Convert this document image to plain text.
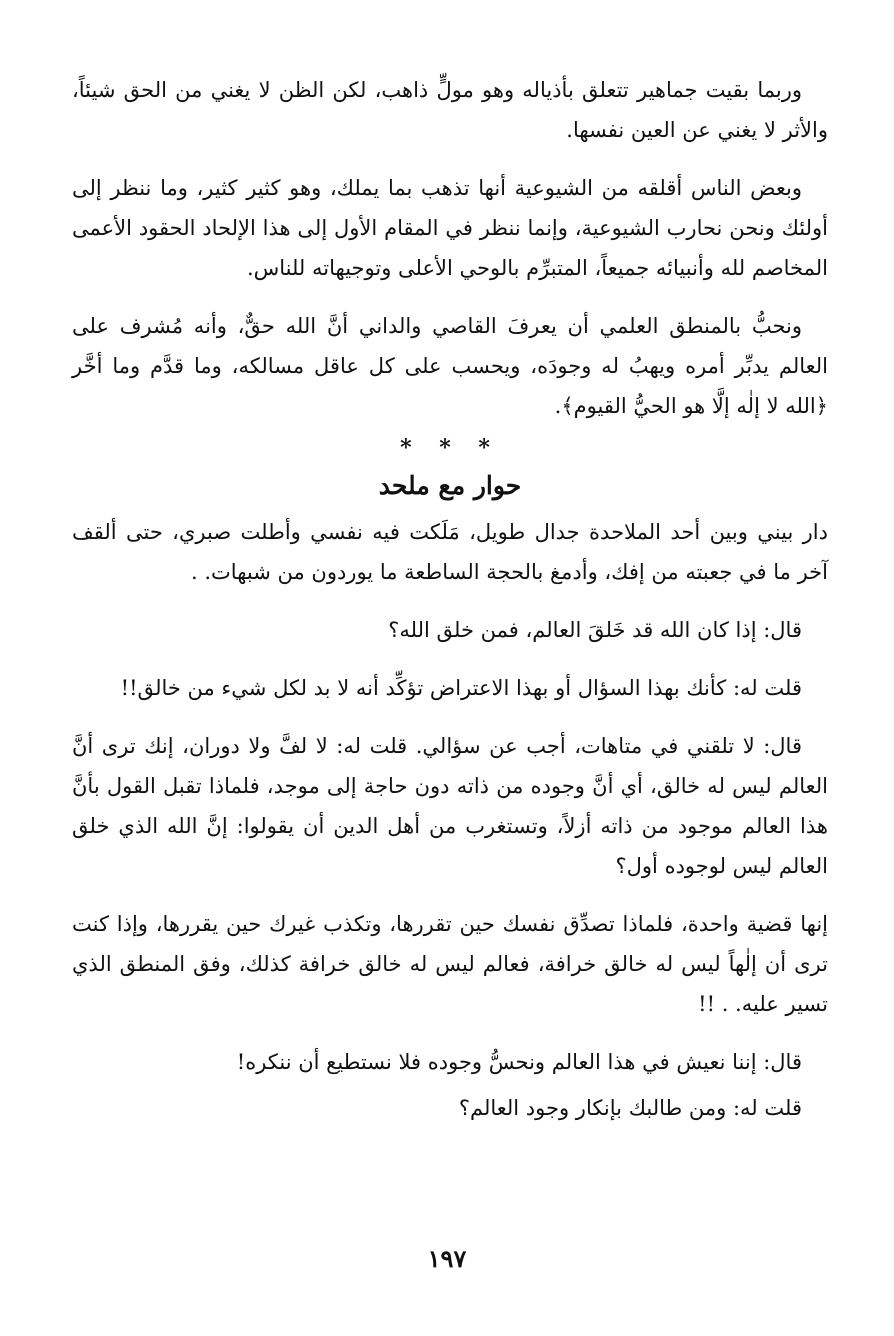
وربما بقيت جماهير تتعلق بأذياله وهو مولٍّ ذاهب، لكن الظن لا يغني من الحق شيئاً، والأثر لا يغني عن العين نفسها.

وبعض الناس أقلقه من الشيوعية أنها تذهب بما يملك، وهو كثير كثير، وما ننظر إلى أولئك ونحن نحارب الشيوعية، وإنما ننظر في المقام الأول إلى هذا الإلحاد الحقود الأعمى المخاصم لله وأنبيائه جميعاً، المتبرِّم بالوحي الأعلى وتوجيهاته للناس.

ونحبُّ بالمنطق العلمي أن يعرفَ القاصي والداني أنَّ الله حقٌّ، وأنه مُشرف على العالم يدبِّر أمره ويهبُ له وجودَه، ويحسب على كل عاقل مسالكه، وما قدَّم وما أخَّر ﴿الله لا إلٰه إلَّا هو الحيُّ القيوم﴾.

* * *
حوار مع ملحد

دار بيني وبين أحد الملاحدة جدال طويل، مَلَكت فيه نفسي وأطلت صبري، حتى ألقف آخر ما في جعبته من إفك، وأدمغ بالحجة الساطعة ما يوردون من شبهات. .

قال: إذا كان الله قد خَلقَ العالم، فمن خلق الله؟

قلت له: كأنك بهذا السؤال أو بهذا الاعتراض تؤكِّد أنه لا بد لكل شيء من خالق!!

قال: لا تلقني في متاهات، أجب عن سؤالي. قلت له: لا لفَّ ولا دوران، إنك ترى أنَّ العالم ليس له خالق، أي أنَّ وجوده من ذاته دون حاجة إلى موجد، فلماذا تقبل القول بأنَّ هذا العالم موجود من ذاته أزلاً، وتستغرب من أهل الدين أن يقولوا: إنَّ الله الذي خلق العالم ليس لوجوده أول؟

إنها قضية واحدة، فلماذا تصدِّق نفسك حين تقررها، وتكذب غيرك حين يقررها، وإذا كنت ترى أن إلٰهاً ليس له خالق خرافة، فعالم ليس له خالق خرافة كذلك، وفق المنطق الذي تسير عليه. . !!

قال: إننا نعيش في هذا العالم ونحسُّ وجوده فلا نستطيع أن ننكره!

قلت له: ومن طالبك بإنكار وجود العالم؟

١٩٧
